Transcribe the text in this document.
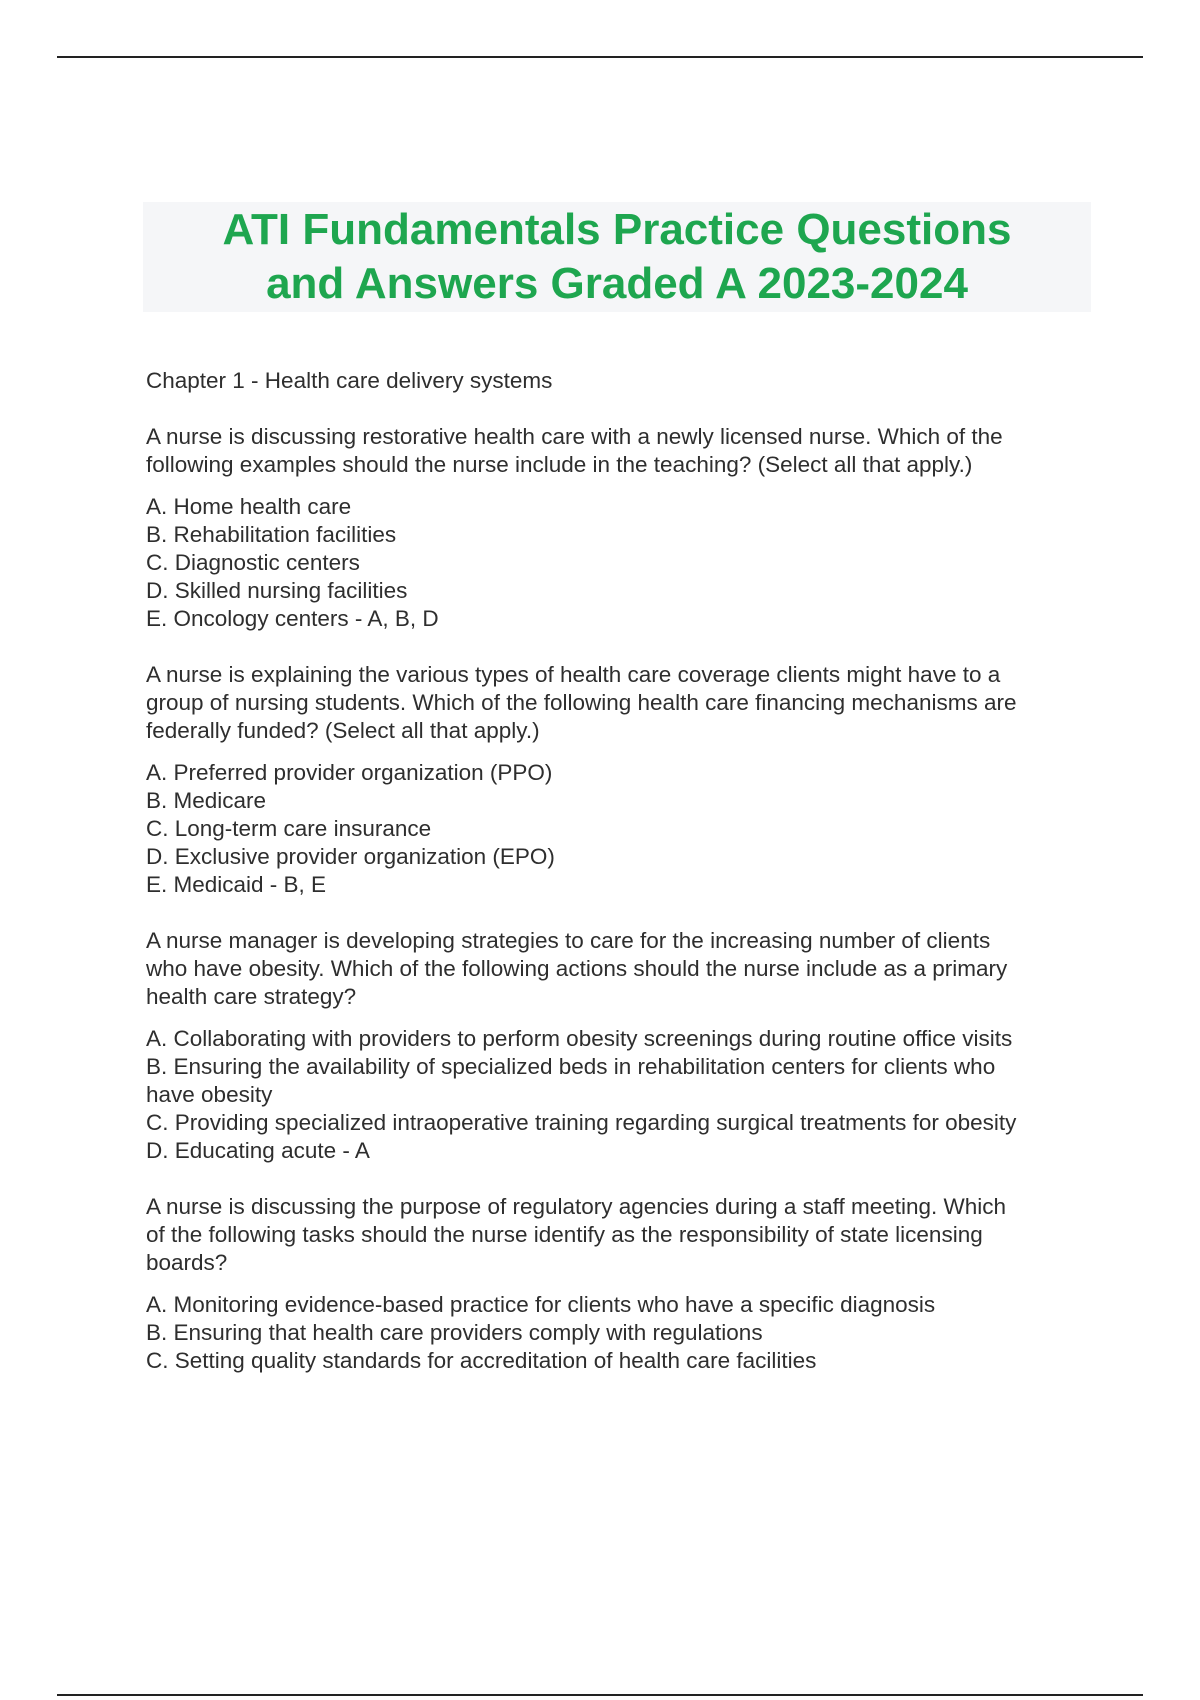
ATI Fundamentals Practice Questions
and Answers Graded A 2023-2024
Chapter 1 - Health care delivery systems
A nurse is discussing restorative health care with a newly licensed nurse. Which of the
following examples should the nurse include in the teaching? (Select all that apply.)
A. Home health care
B. Rehabilitation facilities
C. Diagnostic centers
D. Skilled nursing facilities
E. Oncology centers - A, B, D
A nurse is explaining the various types of health care coverage clients might have to a
group of nursing students. Which of the following health care financing mechanisms are
federally funded? (Select all that apply.)
A. Preferred provider organization (PPO)
B. Medicare
C. Long-term care insurance
D. Exclusive provider organization (EPO)
E. Medicaid - B, E
A nurse manager is developing strategies to care for the increasing number of clients
who have obesity. Which of the following actions should the nurse include as a primary
health care strategy?
A. Collaborating with providers to perform obesity screenings during routine office visits
B. Ensuring the availability of specialized beds in rehabilitation centers for clients who
have obesity
C. Providing specialized intraoperative training regarding surgical treatments for obesity
D. Educating acute - A
A nurse is discussing the purpose of regulatory agencies during a staff meeting. Which
of the following tasks should the nurse identify as the responsibility of state licensing
boards?
A. Monitoring evidence-based practice for clients who have a specific diagnosis
B. Ensuring that health care providers comply with regulations
C. Setting quality standards for accreditation of health care facilities
